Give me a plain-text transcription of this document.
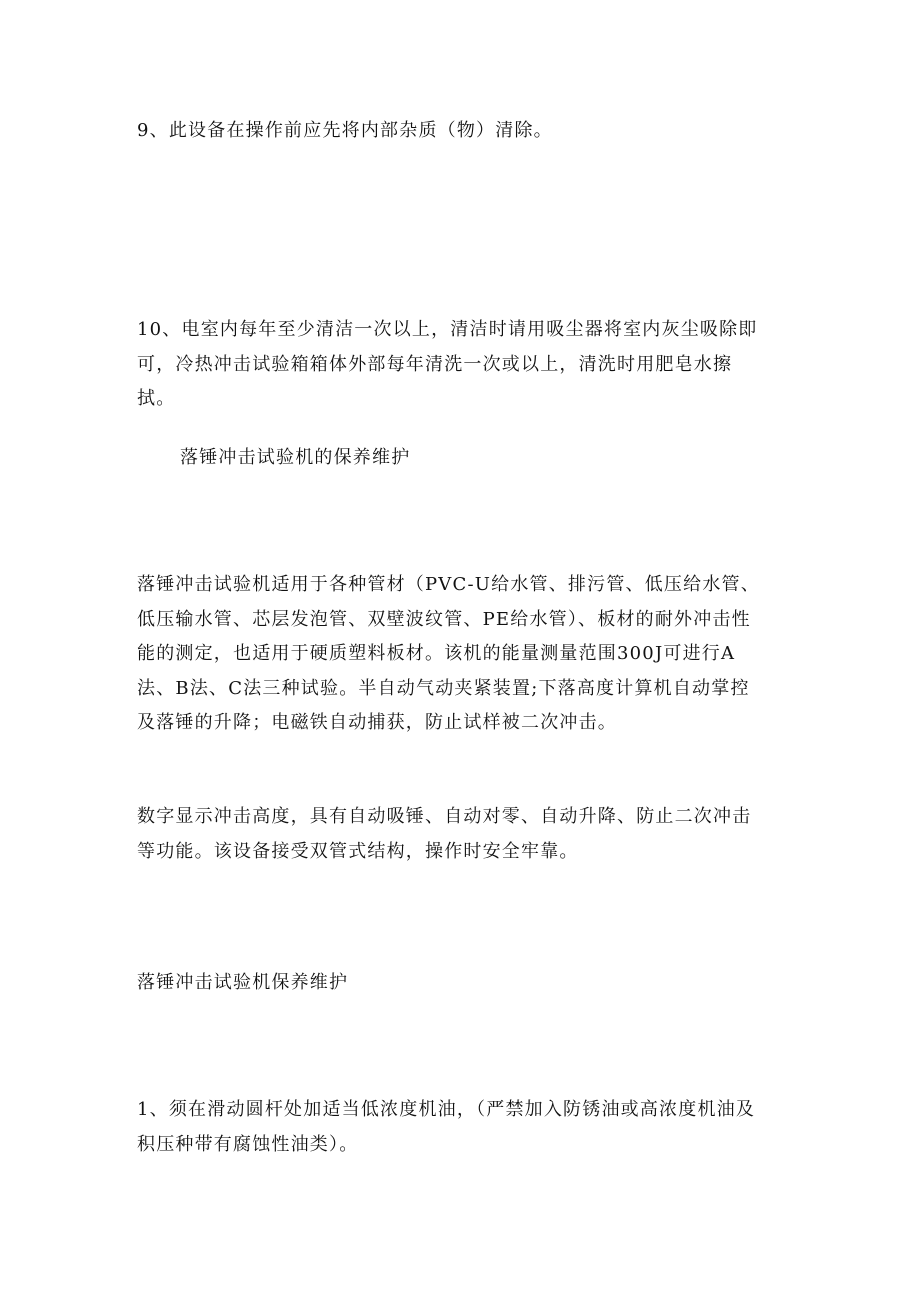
9、此设备在操作前应先将内部杂质（物）清除。

10、电室内每年至少清洁一次以上，清洁时请用吸尘器将室内灰尘吸除即
可，冷热冲击试验箱箱体外部每年清洗一次或以上，清洗时用肥皂水擦
拭。

落锤冲击试验机的保养维护

落锤冲击试验机适用于各种管材（PVC-U给水管、排污管、低压给水管、
低压输水管、芯层发泡管、双壁波纹管、PE给水管）、板材的耐外冲击性
能的测定，也适用于硬质塑料板材。该机的能量测量范围300J可进行A
法、B法、C法三种试验。半自动气动夹紧装置;下落高度计算机自动掌控
及落锤的升降；电磁铁自动捕获，防止试样被二次冲击。

数字显示冲击高度，具有自动吸锤、自动对零、自动升降、防止二次冲击
等功能。该设备接受双管式结构，操作时安全牢靠。

落锤冲击试验机保养维护

1、须在滑动圆杆处加适当低浓度机油，（严禁加入防锈油或高浓度机油及
积压种带有腐蚀性油类）。
